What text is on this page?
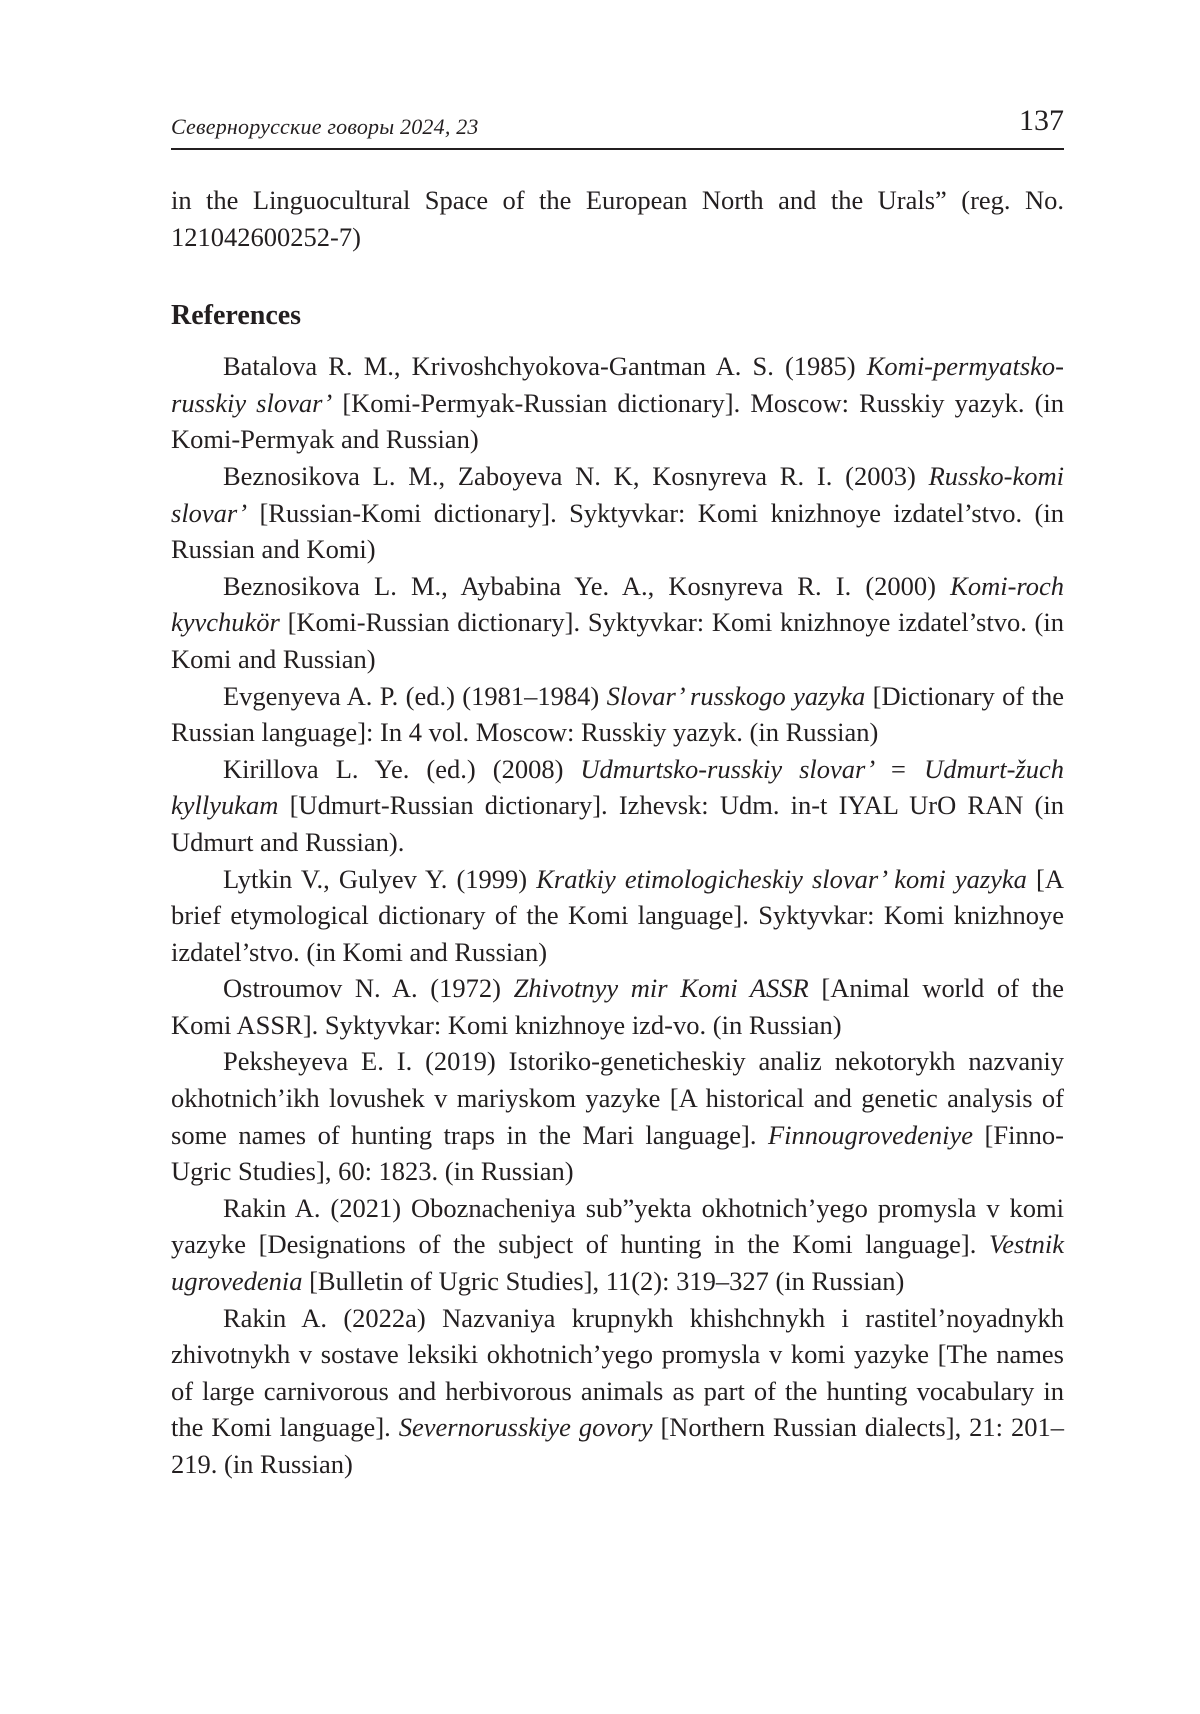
Севернорусские говоры 2024, 23	137

in the Linguocultural Space of the European North and the Urals” (reg. No. 121042600252-7)

References

Batalova R. M., Krivoshchyokova-Gantman A. S. (1985) Komi-permyatsko-russkiy slovar’ [Komi-Permyak-Russian dictionary]. Moscow: Russkiy yazyk. (in Komi-Permyak and Russian)

Beznosikova L. M., Zaboyeva N. K, Kosnyreva R. I. (2003) Russko-komi slovar’ [Russian-Komi dictionary]. Syktyvkar: Komi knizhnoye izdatel’stvo. (in Russian and Komi)

Beznosikova L. M., Aybabina Ye. A., Kosnyreva R. I. (2000) Komi-roch kyvchukör [Komi-Russian dictionary]. Syktyvkar: Komi knizhnoye izdatel’stvo. (in Komi and Russian)

Evgenyeva A. P. (ed.) (1981–1984) Slovar’ russkogo yazyka [Dictionary of the Russian language]: In 4 vol. Moscow: Russkiy yazyk. (in Russian)

Kirillova L. Ye. (ed.) (2008) Udmurtsko-russkiy slovar’ = Udmurt-žuch kyllyukam [Udmurt-Russian dictionary]. Izhevsk: Udm. in-t IYAL UrO RAN (in Udmurt and Russian).

Lytkin V., Gulyev Y. (1999) Kratkiy etimologicheskiy slovar’ komi yazyka [A brief etymological dictionary of the Komi language]. Syktyvkar: Komi knizhnoye izdatel’stvo. (in Komi and Russian)

Ostroumov N. A. (1972) Zhivotnyy mir Komi ASSR [Animal world of the Komi ASSR]. Syktyvkar: Komi knizhnoye izd-vo. (in Russian)

Peksheyeva E. I. (2019) Istoriko-geneticheskiy analiz nekotorykh nazvaniy okhotnich’ikh lovushek v mariyskom yazyke [A historical and genetic analysis of some names of hunting traps in the Mari language]. Finnougrovedeniye [Finno-Ugric Studies], 60: 1823. (in Russian)

Rakin A. (2021) Oboznacheniya sub”yekta okhotnich’yego promysla v komi yazyke [Designations of the subject of hunting in the Komi language]. Vestnik ugrovedenia [Bulletin of Ugric Studies], 11(2): 319–327 (in Russian)

Rakin A. (2022a) Nazvaniya krupnykh khishchnykh i rastitel’noyadnykh zhivotnykh v sostave leksiki okhotnich’yego promysla v komi yazyke [The names of large carnivorous and herbivorous animals as part of the hunting vocabulary in the Komi language]. Severnorusskiye govory [Northern Russian dialects], 21: 201–219. (in Russian)
